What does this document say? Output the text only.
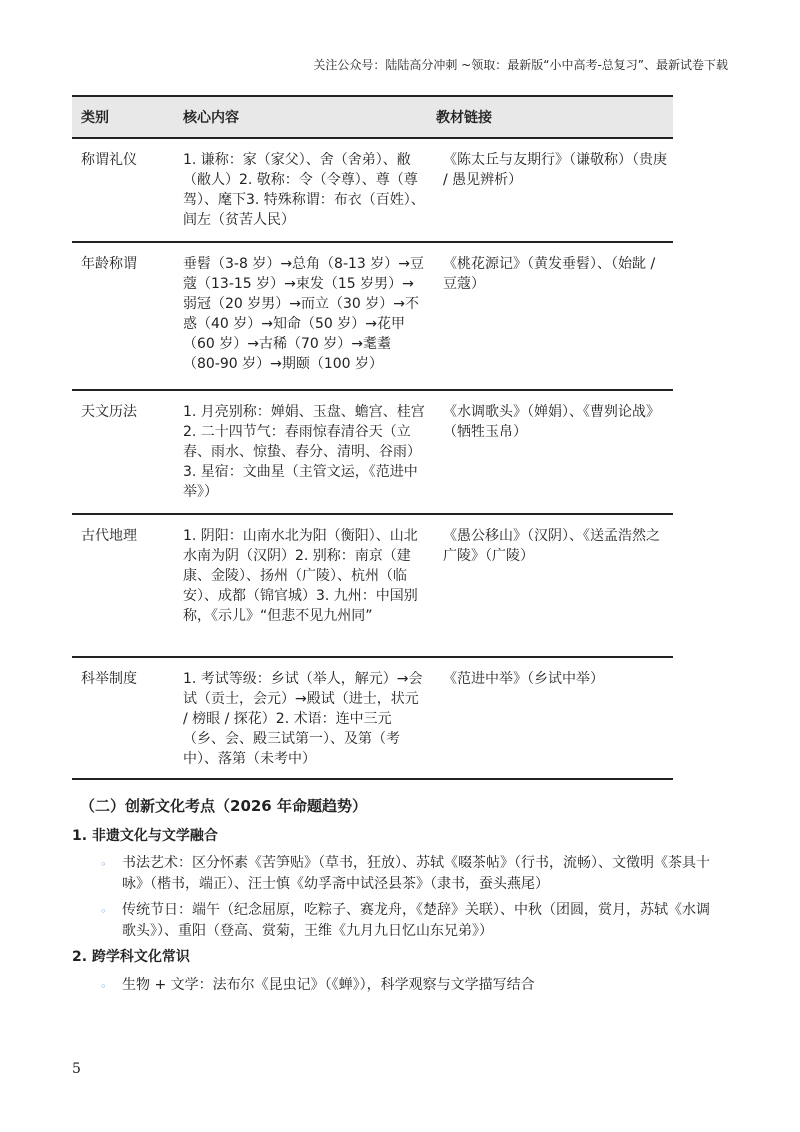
关注公众号：陆陆高分冲刺 ~领取：最新版“小中高考-总复习”、最新试卷下载
类别	核心内容	教材链接
称谓礼仪	1. 谦称：家（家父）、舍（舍弟）、敝（敝人）2. 敬称：令（令尊）、尊（尊驾）、麾下3. 特殊称谓：布衣（百姓）、闾左（贫苦人民）	《陈太丘与友期行》（谦敬称）（贵庚 / 愚见辨析）
年龄称谓	垂髫（3-8 岁）→总角（8-13 岁）→豆蔻（13-15 岁）→束发（15 岁男）→弱冠（20 岁男）→而立（30 岁）→不惑（40 岁）→知命（50 岁）→花甲（60 岁）→古稀（70 岁）→耄耋（80-90 岁）→期颐（100 岁）	《桃花源记》（黄发垂髫）、（始龀 / 豆蔻）
天文历法	1. 月亮别称：婵娟、玉盘、蟾宫、桂宫 2. 二十四节气：春雨惊春清谷天（立春、雨水、惊蛰、春分、清明、谷雨）3. 星宿：文曲星（主管文运，《范进中举》）	《水调歌头》（婵娟）、《曹刿论战》（牺牲玉帛）
古代地理	1. 阴阳：山南水北为阳（衡阳）、山北水南为阴（汉阴）2. 别称：南京（建康、金陵）、扬州（广陵）、杭州（临安）、成都（锦官城）3. 九州：中国别称，《示儿》“但悲不见九州同”	《愚公移山》（汉阴）、《送孟浩然之广陵》（广陵）
科举制度	1. 考试等级：乡试（举人，解元）→会试（贡士，会元）→殿试（进士，状元 / 榜眼 / 探花）2. 术语：连中三元（乡、会、殿三试第一）、及第（考中）、落第（未考中）	《范进中举》（乡试中举）
（二）创新文化考点（2026 年命题趋势）
1. 非遗文化与文学融合
◦	书法艺术：区分怀素《苦笋贴》（草书，狂放）、苏轼《啜茶帖》（行书，流畅）、文徵明《茶具十咏》（楷书，端正）、汪士慎《幼孚斋中试泾县茶》（隶书，蚕头燕尾）
◦	传统节日：端午（纪念屈原，吃粽子、赛龙舟，《楚辞》关联）、中秋（团圆，赏月，苏轼《水调歌头》）、重阳（登高、赏菊，王维《九月九日忆山东兄弟》）
2. 跨学科文化常识
◦	生物 + 文学：法布尔《昆虫记》（《蝉》），科学观察与文学描写结合
5
